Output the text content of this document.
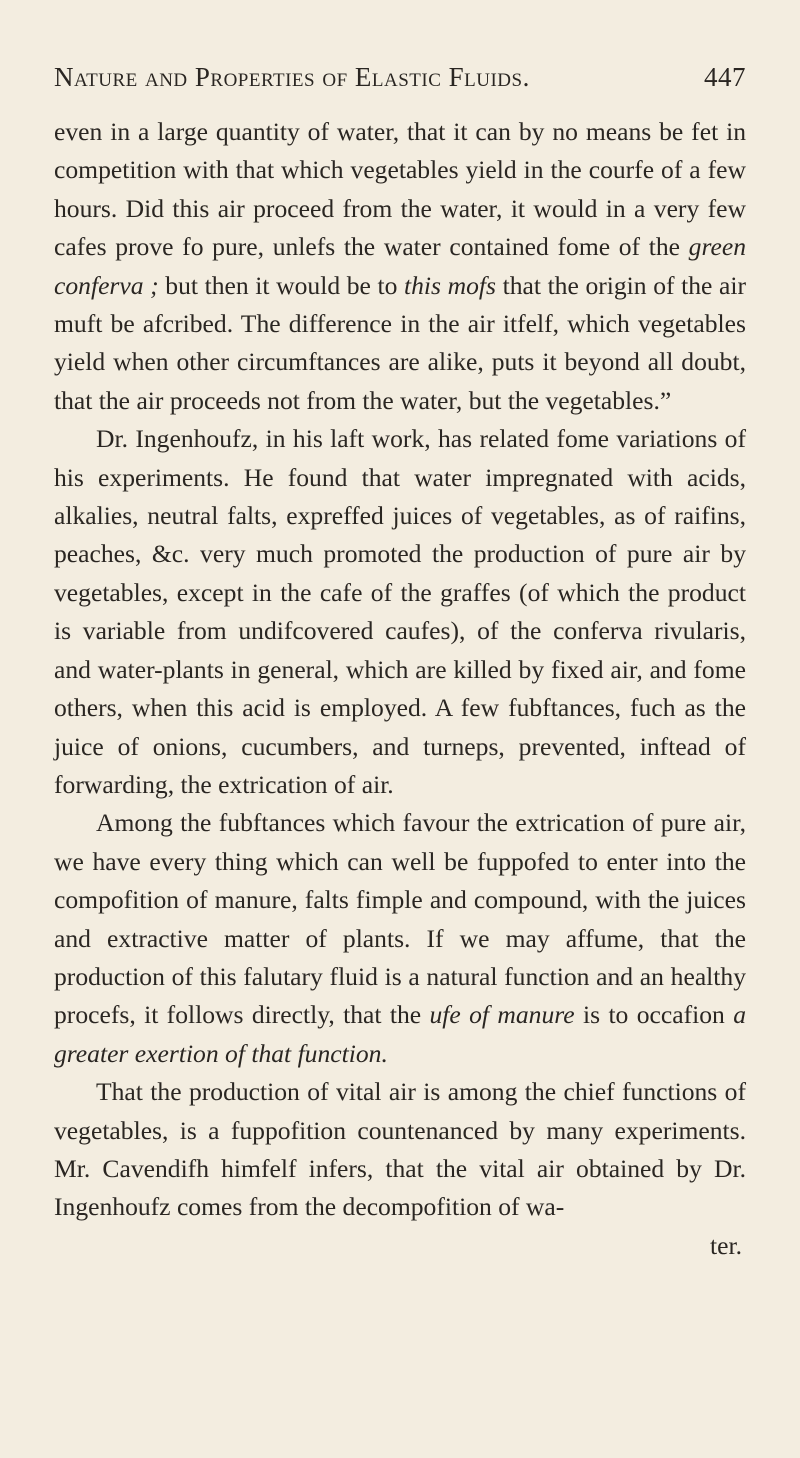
Nature and Properties of Elastic Fluids.	447

even in a large quantity of water, that it can by no means be fet in competition with that which vegetables yield in the courfe of a few hours. Did this air proceed from the water, it would in a very few cafes prove fo pure, unlefs the water contained fome of the green conferva ; but then it would be to this mofs that the origin of the air muft be afcribed. The difference in the air itfelf, which vegetables yield when other circumftances are alike, puts it beyond all doubt, that the air proceeds not from the water, but the vegetables.”

Dr. Ingenhoufz, in his laft work, has related fome variations of his experiments. He found that water impregnated with acids, alkalies, neutral falts, expreffed juices of vegetables, as of raifins, peaches, &c. very much promoted the production of pure air by vegetables, except in the cafe of the graffes (of which the product is variable from undifcovered caufes), of the conferva rivularis, and water-plants in general, which are killed by fixed air, and fome others, when this acid is employed. A few fubftances, fuch as the juice of onions, cucumbers, and turneps, prevented, inftead of forwarding, the extrication of air.

Among the fubftances which favour the extrication of pure air, we have every thing which can well be fuppofed to enter into the compofition of manure, falts fimple and compound, with the juices and extractive matter of plants. If we may affume, that the production of this falutary fluid is a natural function and an healthy procefs, it follows directly, that the ufe of manure is to occafion a greater exertion of that function.

That the production of vital air is among the chief functions of vegetables, is a fuppofition countenanced by many experiments. Mr. Cavendifh himfelf infers, that the vital air obtained by Dr. Ingenhoufz comes from the decompofition of wa-

ter.
